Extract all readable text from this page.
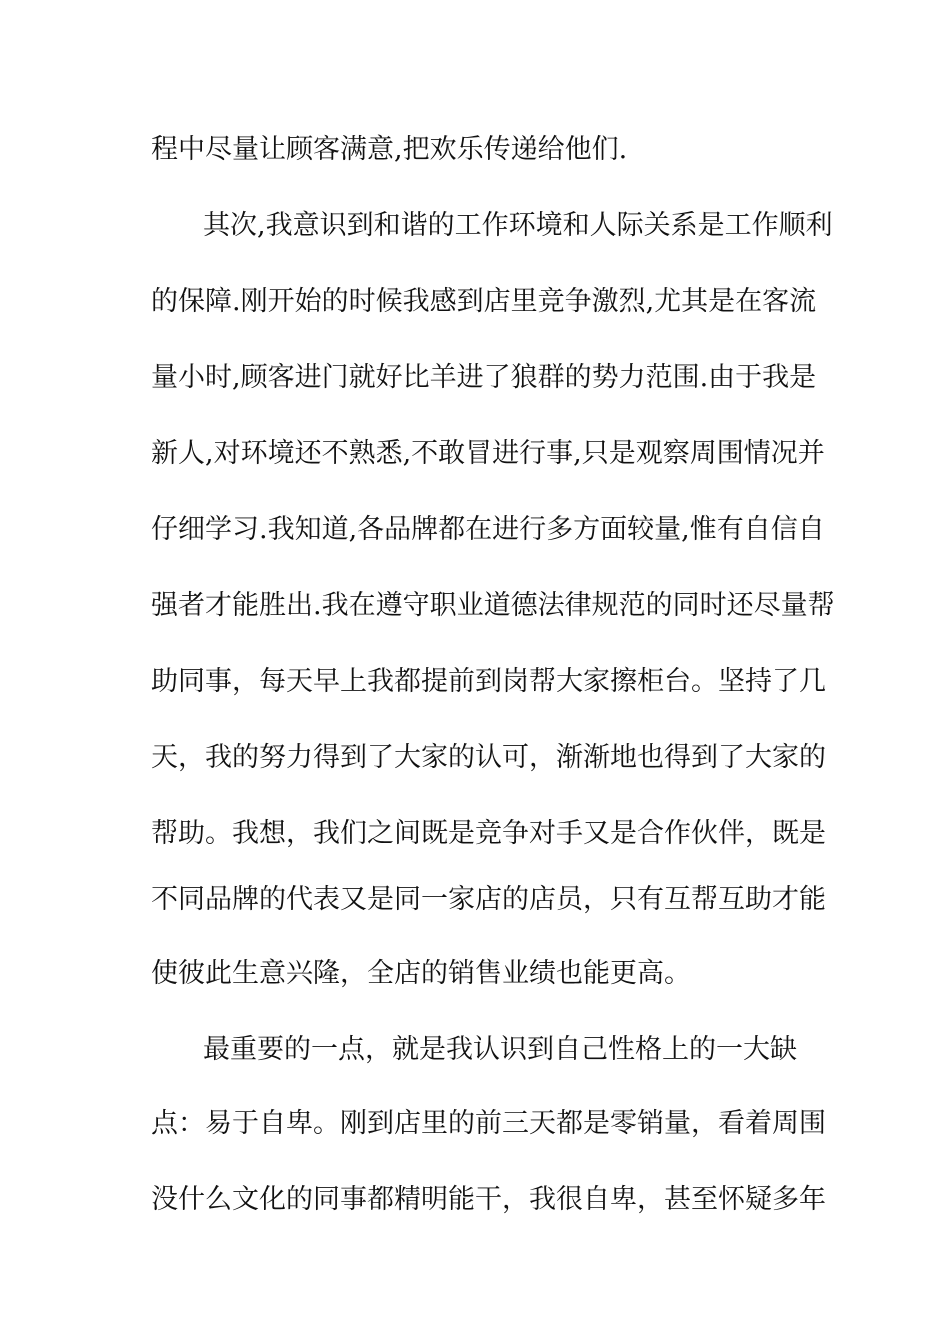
程中尽量让顾客满意,把欢乐传递给他们.
其次,我意识到和谐的工作环境和人际关系是工作顺利
的保障.刚开始的时候我感到店里竞争激烈,尤其是在客流
量小时,顾客进门就好比羊进了狼群的势力范围.由于我是
新人,对环境还不熟悉,不敢冒进行事,只是观察周围情况并
仔细学习.我知道,各品牌都在进行多方面较量,惟有自信自
强者才能胜出.我在遵守职业道德法律规范的同时还尽量帮
助同事，每天早上我都提前到岗帮大家擦柜台。坚持了几
天，我的努力得到了大家的认可，渐渐地也得到了大家的
帮助。我想，我们之间既是竞争对手又是合作伙伴，既是
不同品牌的代表又是同一家店的店员，只有互帮互助才能
使彼此生意兴隆，全店的销售业绩也能更高。
最重要的一点，就是我认识到自己性格上的一大缺
点：易于自卑。刚到店里的前三天都是零销量，看着周围
没什么文化的同事都精明能干，我很自卑，甚至怀疑多年
